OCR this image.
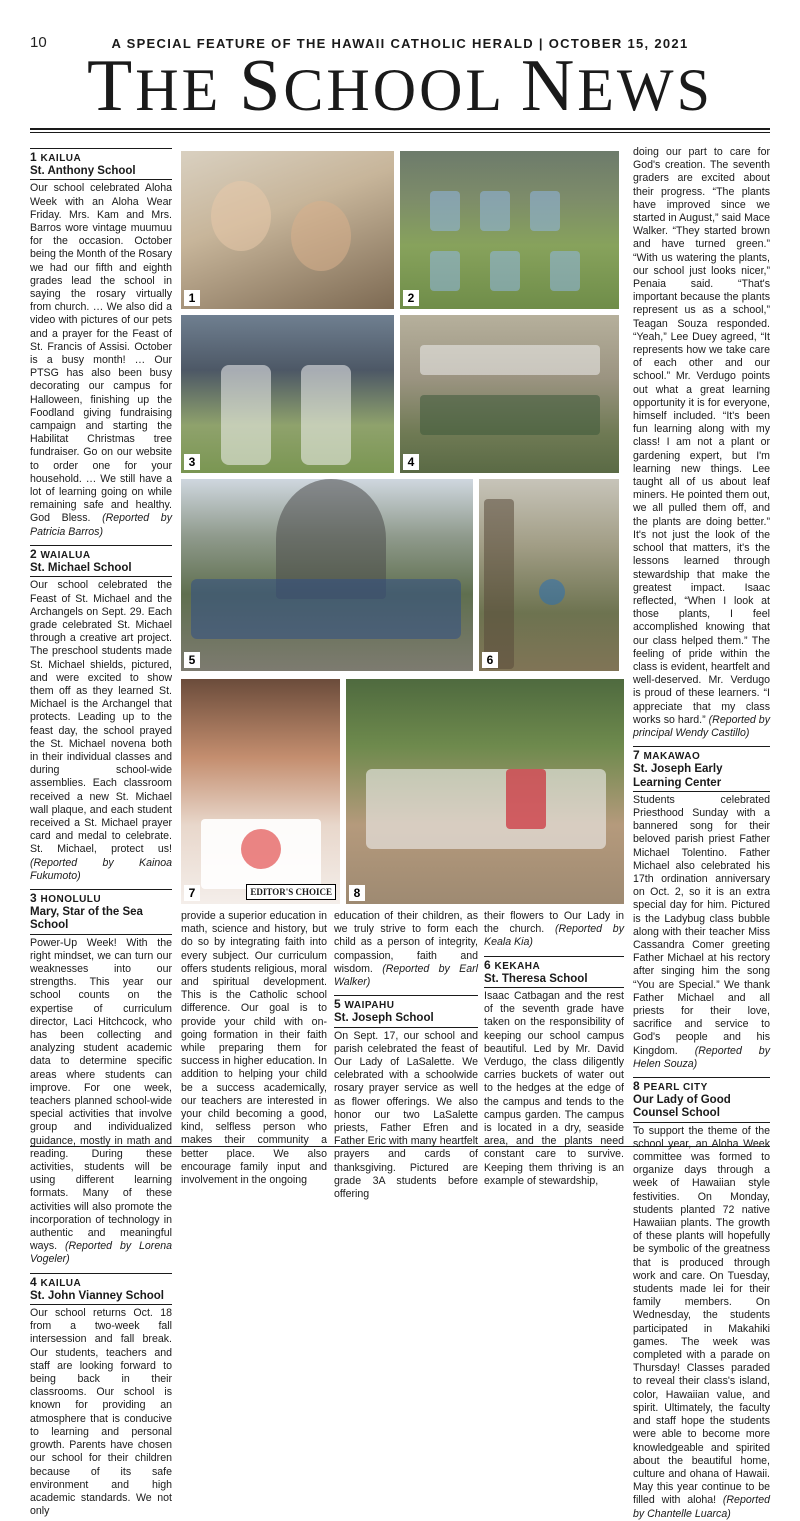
10	A SPECIAL FEATURE OF THE HAWAII CATHOLIC HERALD | OCTOBER 15, 2021
THE SCHOOL NEWS
1 KAILUA
St. Anthony School

Our school celebrated Aloha Week with an Aloha Wear Friday. Mrs. Kam and Mrs. Barros wore vintage muumuu for the occasion. October being the Month of the Rosary we had our fifth and eighth grades lead the school in saying the rosary virtually from church. … We also did a video with pictures of our pets and a prayer for the Feast of St. Francis of Assisi. October is a busy month! … Our PTSG has also been busy decorating our campus for Halloween, finishing up the Foodland giving fundraising campaign and starting the Habilitat Christmas tree fundraiser. Go on our website to order one for your household. … We still have a lot of learning going on while remaining safe and healthy. God Bless. (Reported by Patricia Barros)

2 WAIALUA
St. Michael School

Our school celebrated the Feast of St. Michael and the Archangels on Sept. 29. Each grade celebrated St. Michael through a creative art project. The preschool students made St. Michael shields, pictured, and were excited to show them off as they learned St. Michael is the Archangel that protects. Leading up to the feast day, the school prayed the St. Michael novena both in their individual classes and during school-wide assemblies. Each classroom received a new St. Michael wall plaque, and each student received a St. Michael prayer card and medal to celebrate. St. Michael, protect us! (Reported by Kainoa Fukumoto)

3 HONOLULU
Mary, Star of the Sea School

Power-Up Week! With the right mindset, we can turn our weaknesses into our strengths. This year our school counts on the expertise of curriculum director, Laci Hitchcock, who has been collecting and analyzing student academic data to determine specific areas where students can improve. For one week, teachers planned school-wide special activities that involve group and individualized guidance, mostly in math and reading. During these activities, students will be using different learning formats. Many of these activities will also promote the incorporation of technology in authentic and meaningful ways. (Reported by Lorena Vogeler)

4 KAILUA
St. John Vianney School

Our school returns Oct. 18 from a two-week fall intersession and fall break. Our students, teachers and staff are looking forward to being back in their classrooms. Our school is known for providing an atmosphere that is conducive to learning and personal growth. Parents have chosen our school for their children because of its safe environment and high academic standards. We not only

1	2
3	4
5	6
7	EDITOR'S CHOICE	8

provide a superior education in math, science and history, but do so by integrating faith into every subject. Our curriculum offers students religious, moral and spiritual development. This is the Catholic school difference. Our goal is to provide your child with on-going formation in their faith while preparing them for success in higher education. In addition to helping your child be a success academically, our teachers are interested in your child becoming a good, kind, selfless person who makes their community a better place. We also encourage family input and involvement in the ongoing

education of their children, as we truly strive to form each child as a person of integrity, compassion, faith and wisdom. (Reported by Earl Walker)

5 WAIPAHU
St. Joseph School

On Sept. 17, our school and parish celebrated the feast of Our Lady of LaSalette. We celebrated with a schoolwide rosary prayer service as well as flower offerings. We also honor our two LaSalette priests, Father Efren and Father Eric with many heartfelt prayers and cards of thanksgiving. Pictured are grade 3A students before offering

their flowers to Our Lady in the church. (Reported by Keala Kia)

6 KEKAHA
St. Theresa School

Isaac Catbagan and the rest of the seventh grade have taken on the responsibility of keeping our school campus beautiful. Led by Mr. David Verdugo, the class diligently carries buckets of water out to the hedges at the edge of the campus and tends to the campus garden. The campus is located in a dry, seaside area, and the plants need constant care to survive. Keeping them thriving is an example of stewardship,

doing our part to care for God's creation. The seventh graders are excited about their progress. “The plants have improved since we started in August,” said Mace Walker. “They started brown and have turned green.” “With us watering the plants, our school just looks nicer,” Penaia said. “That's important because the plants represent us as a school,” Teagan Souza responded. “Yeah,” Lee Duey agreed, “It represents how we take care of each other and our school.” Mr. Verdugo points out what a great learning opportunity it is for everyone, himself included. “It's been fun learning along with my class! I am not a plant or gardening expert, but I'm learning new things. Lee taught all of us about leaf miners. He pointed them out, we all pulled them off, and the plants are doing better.” It's not just the look of the school that matters, it's the lessons learned through stewardship that make the greatest impact. Isaac reflected, “When I look at those plants, I feel accomplished knowing that our class helped them.” The feeling of pride within the class is evident, heartfelt and well-deserved. Mr. Verdugo is proud of these learners. “I appreciate that my class works so hard.” (Reported by principal Wendy Castillo)

7 MAKAWAO
St. Joseph Early Learning Center

Students celebrated Priesthood Sunday with a bannered song for their beloved parish priest Father Michael Tolentino. Father Michael also celebrated his 17th ordination anniversary on Oct. 2, so it is an extra special day for him. Pictured is the Ladybug class bubble along with their teacher Miss Cassandra Comer greeting Father Michael at his rectory after singing him the song “You are Special.” We thank Father Michael and all priests for their love, sacrifice and service to God's people and his Kingdom. (Reported by Helen Souza)

8 PEARL CITY
Our Lady of Good Counsel School

To support the theme of the school year, an Aloha Week committee was formed to organize days through a week of Hawaiian style festivities. On Monday, students planted 72 native Hawaiian plants. The growth of these plants will hopefully be symbolic of the greatness that is produced through work and care. On Tuesday, students made lei for their family members. On Wednesday, the students participated in Makahiki games. The week was completed with a parade on Thursday! Classes paraded to reveal their class's island, color, Hawaiian value, and spirit. Ultimately, the faculty and staff hope the students were able to become more knowledgeable and spirited about the beautiful home, culture and ohana of Hawaii. May this year continue to be filled with aloha! (Reported by Chantelle Luarca)
